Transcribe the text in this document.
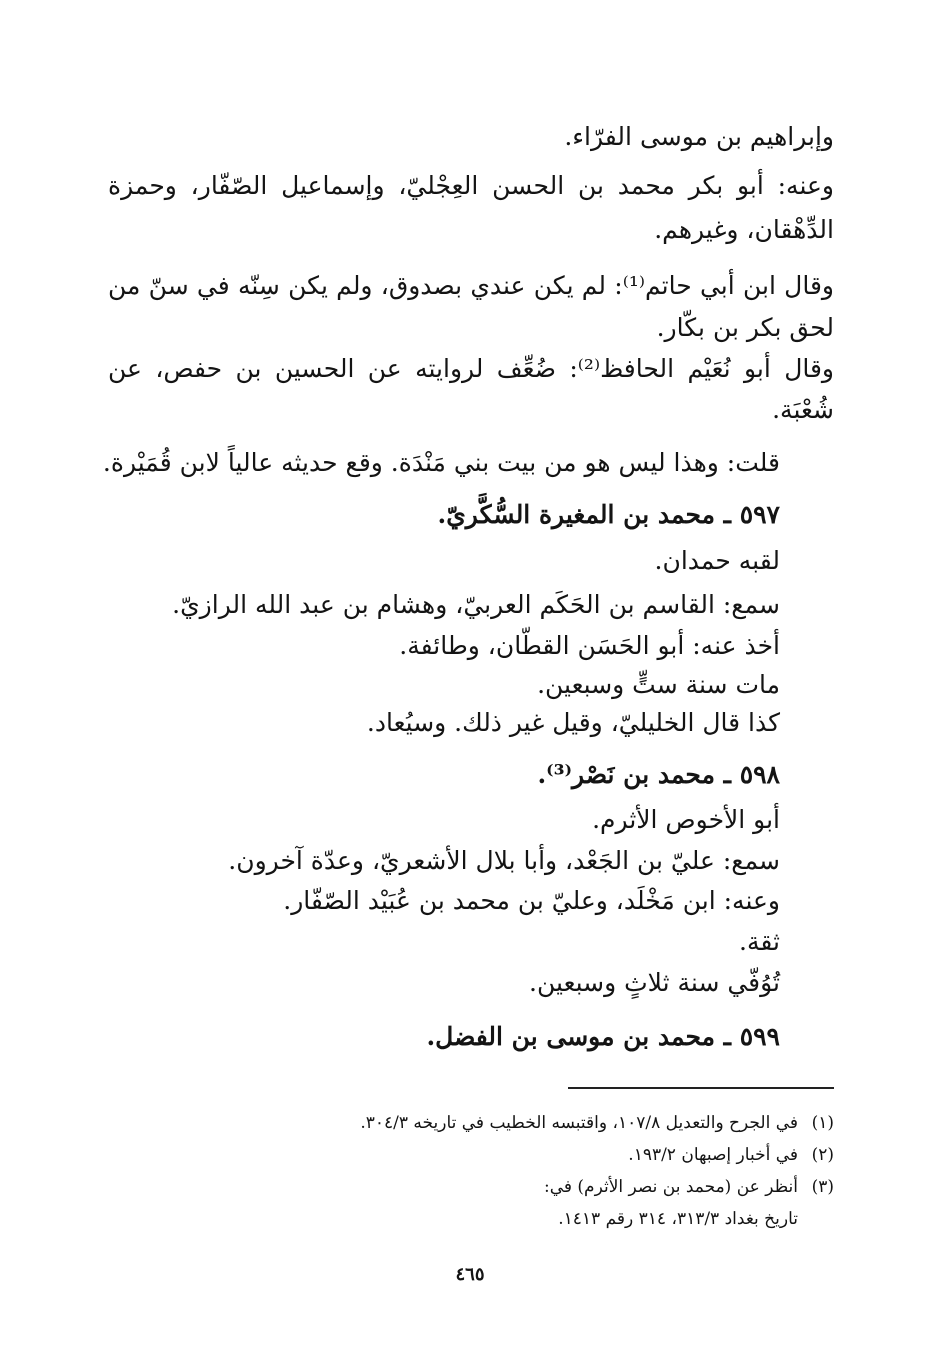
وإبراهيم بن موسى الفرّاء.
وعنه: أبو بكر محمد بن الحسن العِجْليّ، وإسماعيل الصّفّار، وحمزة
الدِّهْقان، وغيرهم.
وقال ابن أبي حاتم⁽¹⁾: لم يكن عندي بصدوق، ولم يكن سِنّه في سنّ من
لحق بكر بن بكّار.
وقال أبو نُعَيْم الحافظ⁽²⁾: ضُعِّف لروايته عن الحسين بن حفص، عن
شُعْبَة.
قلت: وهذا ليس هو من بيت بني مَنْدَة. وقع حديثه عالياً لابن قُمَيْرة.
٥٩٧ ـ محمد بن المغيرة السُّكَّريّ.
لقبه حمدان.
سمع: القاسم بن الحَكَم العربيّ، وهشام بن عبد الله الرازيّ.
أخذ عنه: أبو الحَسَن القطّان، وطائفة.
مات سنة ستٍّ وسبعين.
كذا قال الخليليّ، وقيل غير ذلك. وسيُعاد.
٥٩٨ ـ محمد بن نَصْر⁽³⁾.
أبو الأخوص الأثرم.
سمع: عليّ بن الجَعْد، وأبا بلال الأشعريّ، وعدّة آخرون.
وعنه: ابن مَخْلَد، وعليّ بن محمد بن عُبَيْد الصّفّار.
ثقة.
تُوُفّي سنة ثلاثٍ وسبعين.
٥٩٩ ـ محمد بن موسى بن الفضل.
(١)في الجرح والتعديل ١٠٧/٨، واقتبسه الخطيب في تاريخه ٣٠٤/٣.
(٢)في أخبار إصبهان ١٩٣/٢.
(٣)أنظر عن (محمد بن نصر الأثرم) في:
تاريخ بغداد ٣١٣/٣، ٣١٤ رقم ١٤١٣.
٤٦٥
